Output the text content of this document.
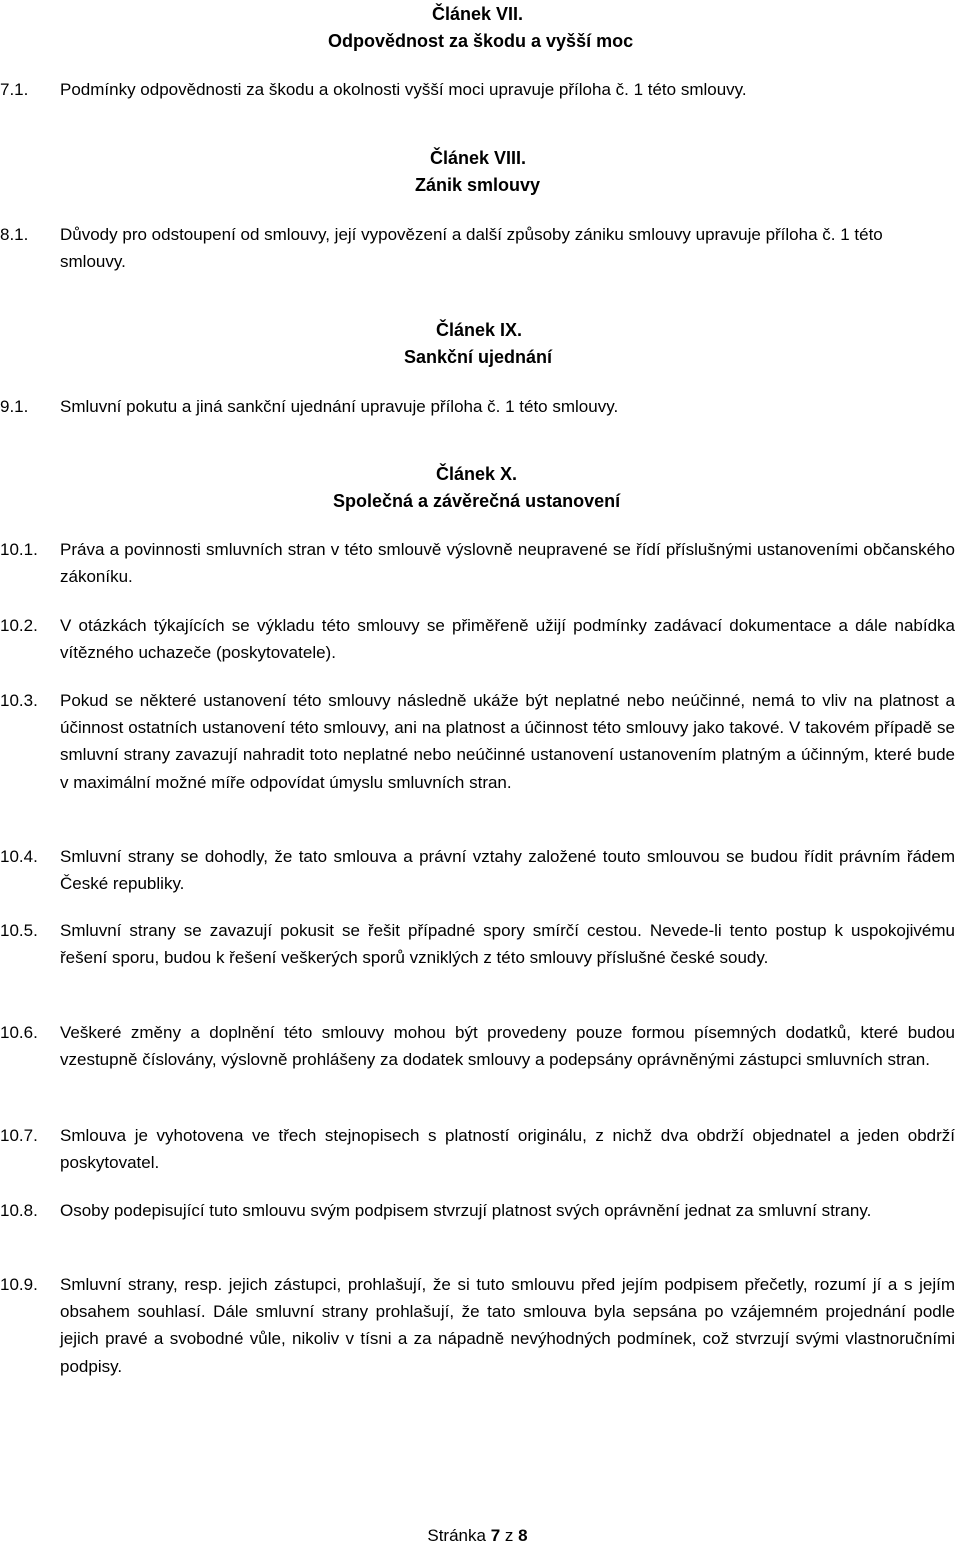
Článek VII.
Odpovědnost za škodu a vyšší moc
7.1. Podmínky odpovědnosti za škodu a okolnosti vyšší moci upravuje příloha č. 1 této smlouvy.
Článek VIII.
Zánik smlouvy
8.1. Důvody pro odstoupení od smlouvy, její vypovězení a další způsoby zániku smlouvy upravuje příloha č. 1 této smlouvy.
Článek IX.
Sankční ujednání
9.1. Smluvní pokutu a jiná sankční ujednání upravuje příloha č. 1 této smlouvy.
Článek X.
Společná a závěrečná ustanovení
10.1. Práva a povinnosti smluvních stran v této smlouvě výslovně neupravené se řídí příslušnými ustanoveními občanského zákoníku.
10.2. V otázkách týkajících se výkladu této smlouvy se přiměřeně užijí podmínky zadávací dokumentace a dále nabídka vítězného uchazeče (poskytovatele).
10.3. Pokud se některé ustanovení této smlouvy následně ukáže být neplatné nebo neúčinné, nemá to vliv na platnost a účinnost ostatních ustanovení této smlouvy, ani na platnost a účinnost této smlouvy jako takové. V takovém případě se smluvní strany zavazují nahradit toto neplatné nebo neúčinné ustanovení ustanovením platným a účinným, které bude v maximální možné míře odpovídat úmyslu smluvních stran.
10.4. Smluvní strany se dohodly, že tato smlouva a právní vztahy založené touto smlouvou se budou řídit právním řádem České republiky.
10.5. Smluvní strany se zavazují pokusit se řešit případné spory smírčí cestou. Nevede-li tento postup k uspokojivému řešení sporu, budou k řešení veškerých sporů vzniklých z této smlouvy příslušné české soudy.
10.6. Veškeré změny a doplnění této smlouvy mohou být provedeny pouze formou písemných dodatků, které budou vzestupně číslovány, výslovně prohlášeny za dodatek smlouvy a podepsány oprávněnými zástupci smluvních stran.
10.7. Smlouva je vyhotovena ve třech stejnopisech s platností originálu, z nichž dva obdrží objednatel a jeden obdrží poskytovatel.
10.8. Osoby podepisující tuto smlouvu svým podpisem stvrzují platnost svých oprávnění jednat za smluvní strany.
10.9. Smluvní strany, resp. jejich zástupci, prohlašují, že si tuto smlouvu před jejím podpisem přečetly, rozumí jí a s jejím obsahem souhlasí. Dále smluvní strany prohlašují, že tato smlouva byla sepsána po vzájemném projednání podle jejich pravé a svobodné vůle, nikoliv v tísni a za nápadně nevýhodných podmínek, což stvrzují svými vlastnoručními podpisy.
Stránka 7 z 8
